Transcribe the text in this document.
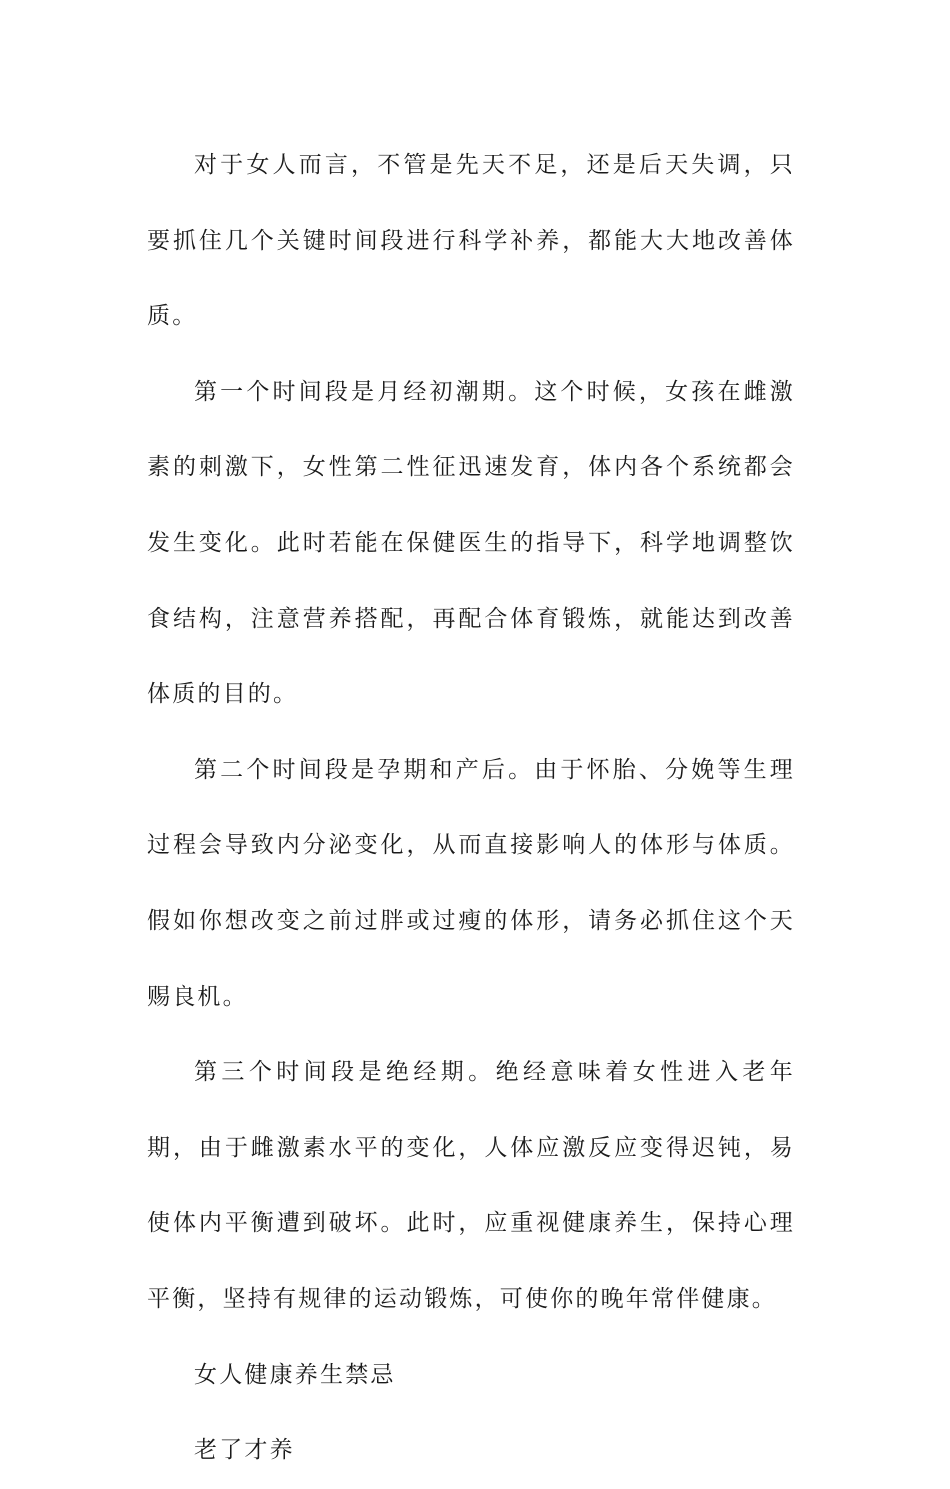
对于女人而言，不管是先天不足，还是后天失调，只要抓住几个关键时间段进行科学补养，都能大大地改善体质。

第一个时间段是月经初潮期。这个时候，女孩在雌激素的刺激下，女性第二性征迅速发育，体内各个系统都会发生变化。此时若能在保健医生的指导下，科学地调整饮食结构，注意营养搭配，再配合体育锻炼，就能达到改善体质的目的。

第二个时间段是孕期和产后。由于怀胎、分娩等生理过程会导致内分泌变化，从而直接影响人的体形与体质。假如你想改变之前过胖或过瘦的体形，请务必抓住这个天赐良机。

第三个时间段是绝经期。绝经意味着女性进入老年期，由于雌激素水平的变化，人体应激反应变得迟钝，易使体内平衡遭到破坏。此时，应重视健康养生，保持心理平衡，坚持有规律的运动锻炼，可使你的晚年常伴健康。

女人健康养生禁忌

老了才养
